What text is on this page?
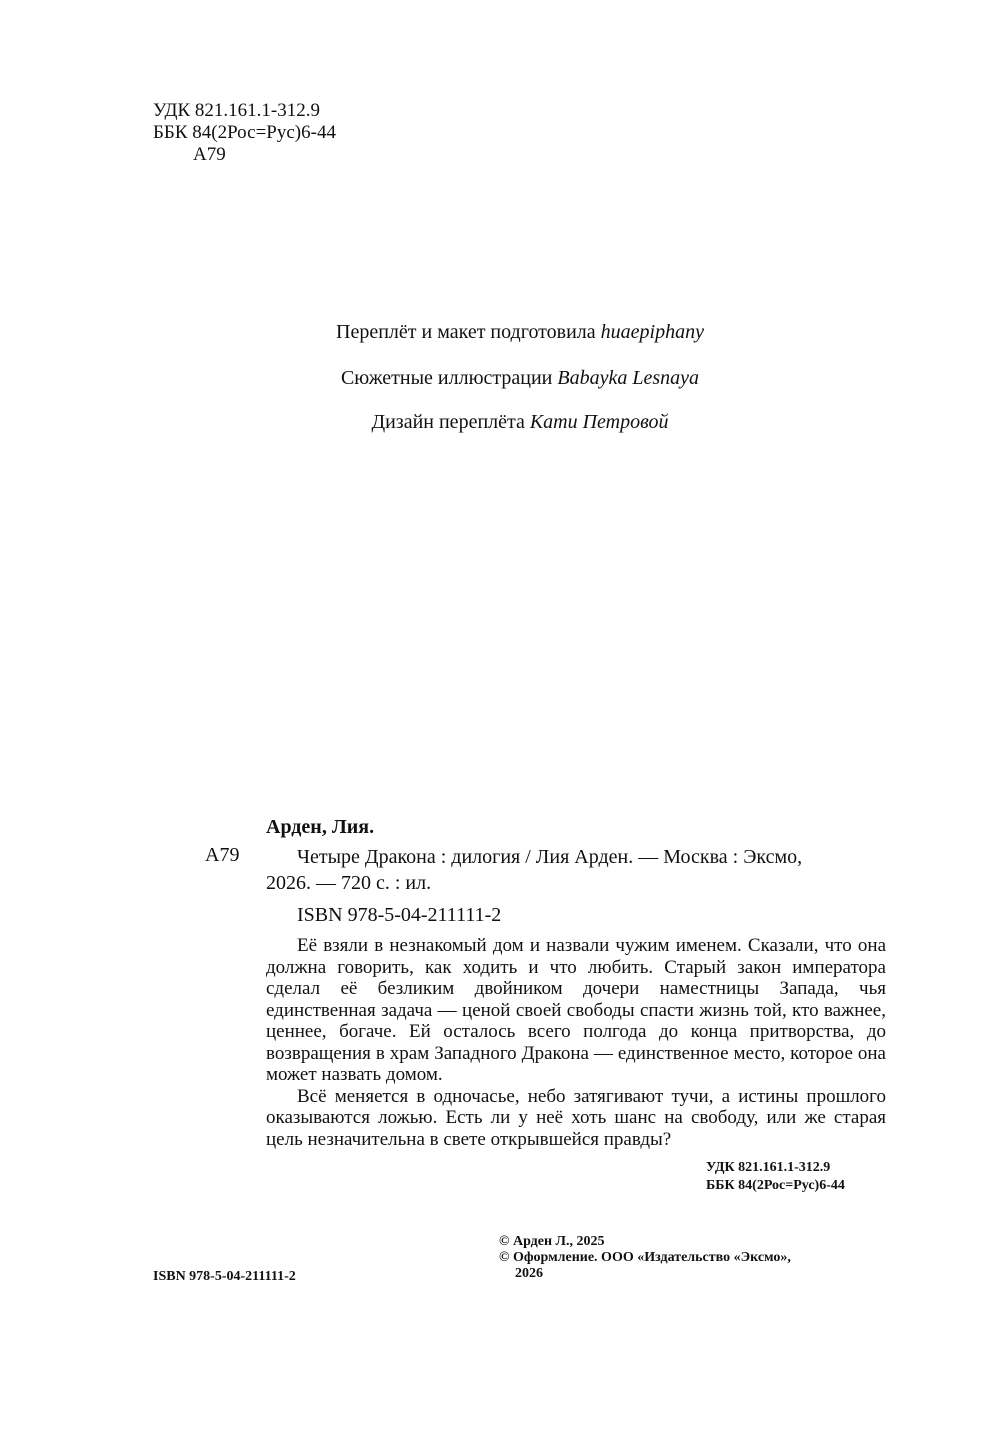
УДК 821.161.1-312.9
ББК 84(2Рос=Рус)6-44
А79
Переплёт и макет подготовила huaepiphany
Сюжетные иллюстрации Babayka Lesnaya
Дизайн переплёта Кати Петровой
Арден, Лия.
А79	Четыре Дракона : дилогия / Лия Арден. — Москва : Эксмо,
2026. — 720 с. : ил.
ISBN 978-5-04-211111-2

Её взяли в незнакомый дом и назвали чужим именем. Сказали, что она должна говорить, как ходить и что любить. Старый закон императора сделал её безликим двойником дочери наместницы Запада, чья единственная задача — ценой своей свободы спасти жизнь той, кто важнее, ценнее, богаче. Ей осталось всего полгода до конца притворства, до возвращения в храм Западного Дракона — единственное место, которое она может назвать домом.

Всё меняется в одночасье, небо затягивают тучи, а истины прошлого оказываются ложью. Есть ли у неё хоть шанс на свободу, или же старая цель незначительна в свете открывшейся правды?

УДК 821.161.1-312.9
ББК 84(2Рос=Рус)6-44
© Арден Л., 2025
© Оформление. ООО «Издательство «Эксмо»,
2026
ISBN 978-5-04-211111-2
